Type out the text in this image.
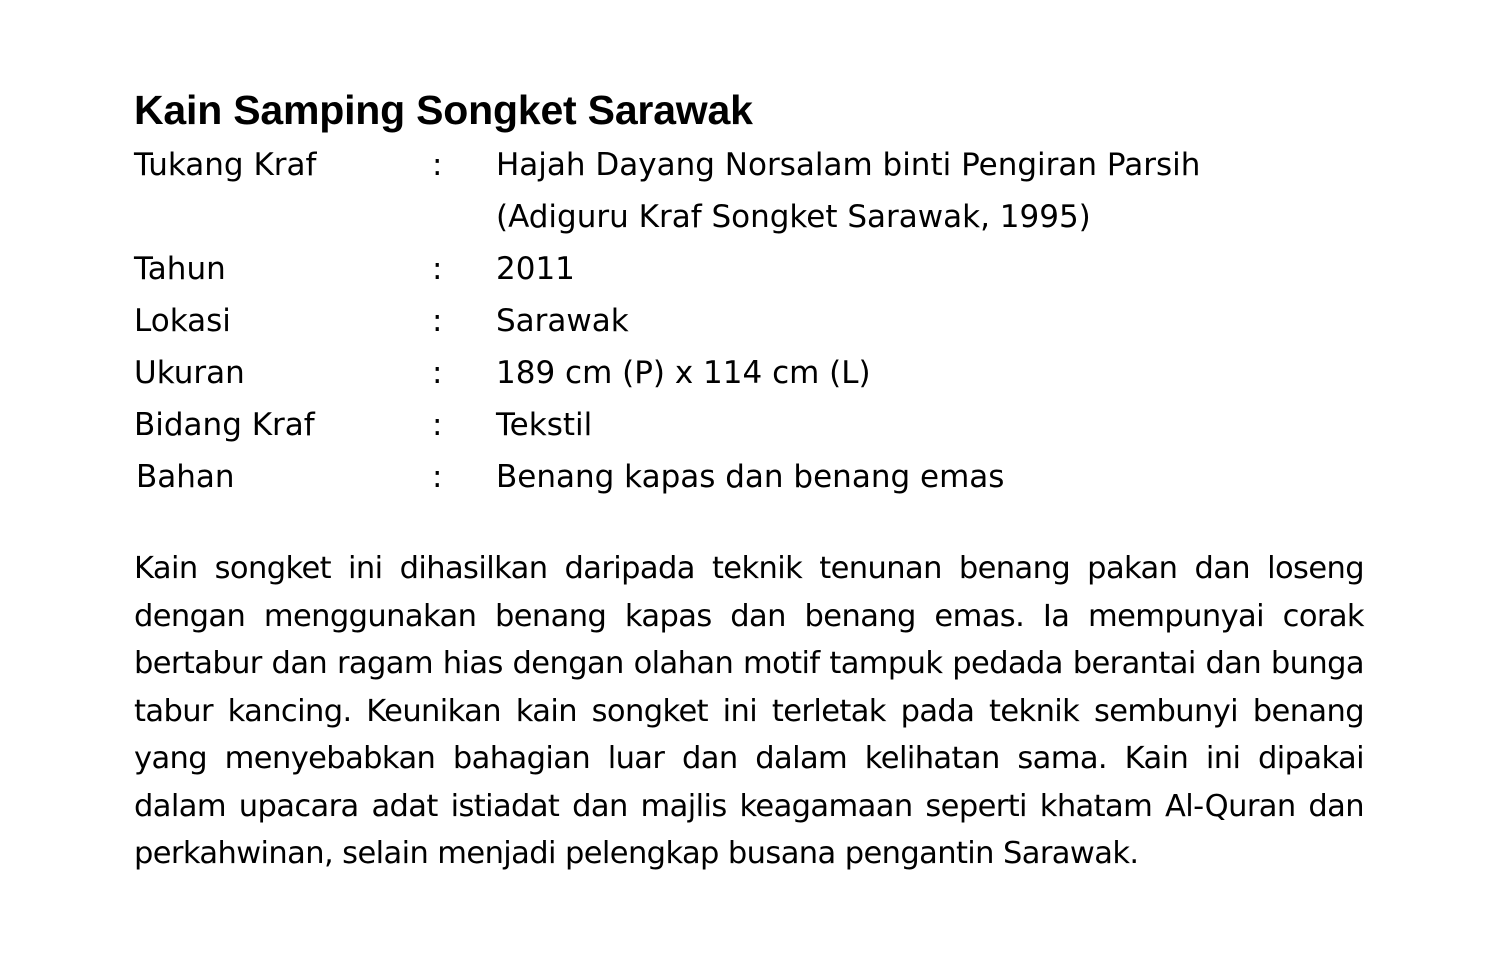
Kain Samping Songket Sarawak
Tukang Kraf	:	Hajah Dayang Norsalam binti Pengiran Parsih
(Adiguru Kraf Songket Sarawak, 1995)
Tahun	:	2011
Lokasi	:	Sarawak
Ukuran	:	189 cm (P) x 114 cm (L)
Bidang Kraf	:	Tekstil
Bahan	:	Benang kapas dan benang emas

Kain songket ini dihasilkan daripada teknik tenunan benang pakan dan loseng dengan menggunakan benang kapas dan benang emas. Ia mempunyai corak bertabur dan ragam hias dengan olahan motif tampuk pedada berantai dan bunga tabur kancing. Keunikan kain songket ini terletak pada teknik sembunyi benang yang menyebabkan bahagian luar dan dalam kelihatan sama. Kain ini dipakai dalam upacara adat istiadat dan majlis keagamaan seperti khatam Al-Quran dan perkahwinan, selain menjadi pelengkap busana pengantin Sarawak.
